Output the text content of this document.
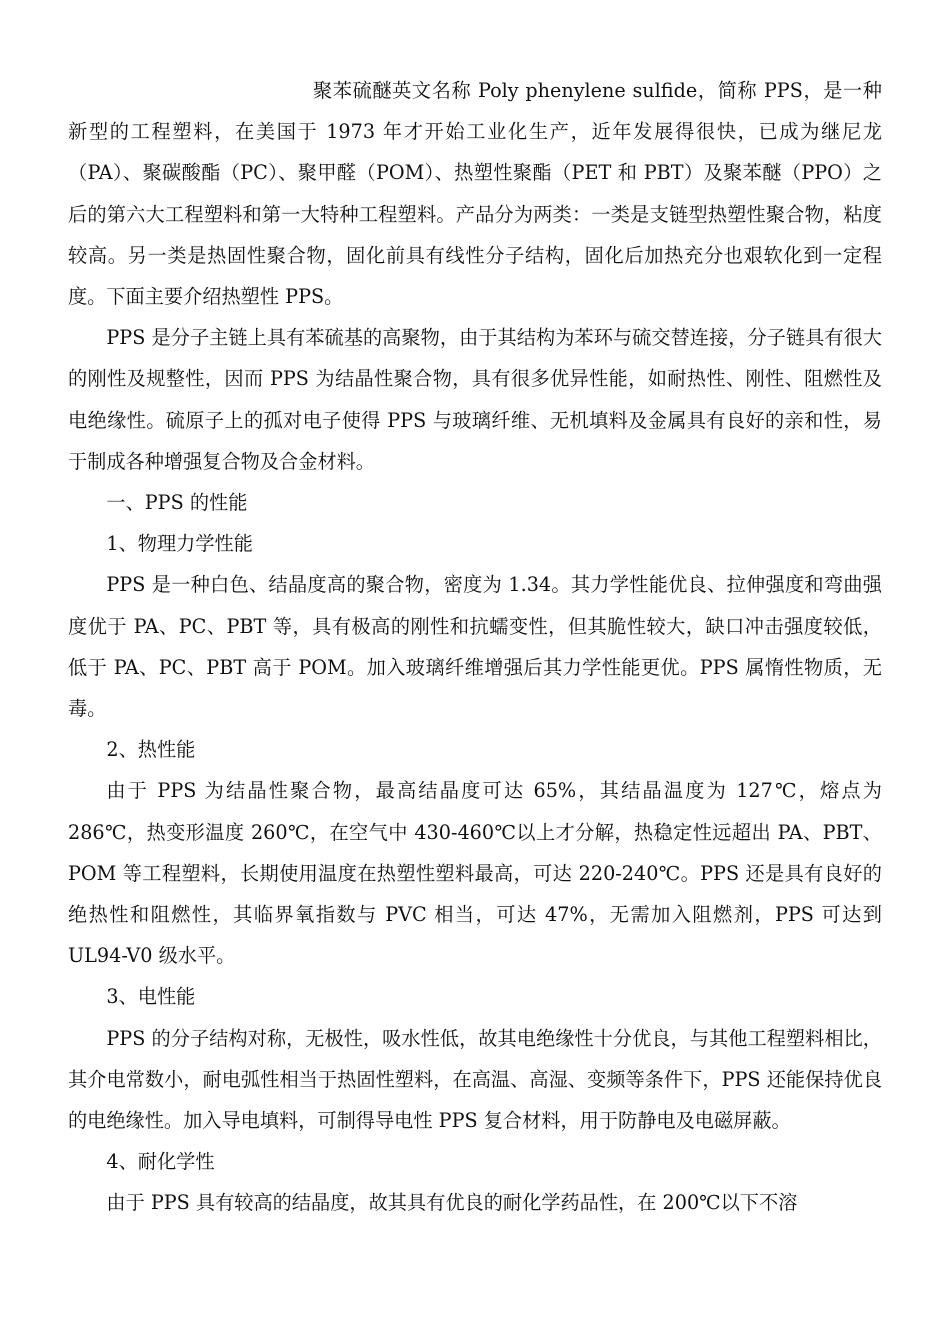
聚苯硫醚英文名称 Poly phenylene sulfide，简称 PPS，是一种新型的工程塑料，在美国于 1973 年才开始工业化生产，近年发展得很快，已成为继尼龙（PA）、聚碳酸酯（PC）、聚甲醛（POM）、热塑性聚酯（PET 和 PBT）及聚苯醚（PPO）之后的第六大工程塑料和第一大特种工程塑料。产品分为两类：一类是支链型热塑性聚合物，粘度较高。另一类是热固性聚合物，固化前具有线性分子结构，固化后加热充分也艰软化到一定程度。下面主要介绍热塑性 PPS。

PPS 是分子主链上具有苯硫基的高聚物，由于其结构为苯环与硫交替连接，分子链具有很大的刚性及规整性，因而 PPS 为结晶性聚合物，具有很多优异性能，如耐热性、刚性、阻燃性及电绝缘性。硫原子上的孤对电子使得 PPS 与玻璃纤维、无机填料及金属具有良好的亲和性，易于制成各种增强复合物及合金材料。

一、PPS 的性能

1、物理力学性能

PPS 是一种白色、结晶度高的聚合物，密度为 1.34。其力学性能优良、拉伸强度和弯曲强度优于 PA、PC、PBT 等，具有极高的刚性和抗蠕变性，但其脆性较大，缺口冲击强度较低，低于 PA、PC、PBT 高于 POM。加入玻璃纤维增强后其力学性能更优。PPS 属惰性物质，无毒。

2、热性能

由于 PPS 为结晶性聚合物，最高结晶度可达 65%，其结晶温度为 127℃，熔点为 286℃，热变形温度 260℃，在空气中 430-460℃以上才分解，热稳定性远超出 PA、PBT、POM 等工程塑料，长期使用温度在热塑性塑料最高，可达 220-240℃。PPS 还是具有良好的绝热性和阻燃性，其临界氧指数与 PVC 相当，可达 47%，无需加入阻燃剂，PPS 可达到 UL94-V0 级水平。

3、电性能

PPS 的分子结构对称，无极性，吸水性低，故其电绝缘性十分优良，与其他工程塑料相比，其介电常数小，耐电弧性相当于热固性塑料，在高温、高湿、变频等条件下，PPS 还能保持优良的电绝缘性。加入导电填料，可制得导电性 PPS 复合材料，用于防静电及电磁屏蔽。

4、耐化学性

由于 PPS 具有较高的结晶度，故其具有优良的耐化学药品性，在 200℃以下不溶
